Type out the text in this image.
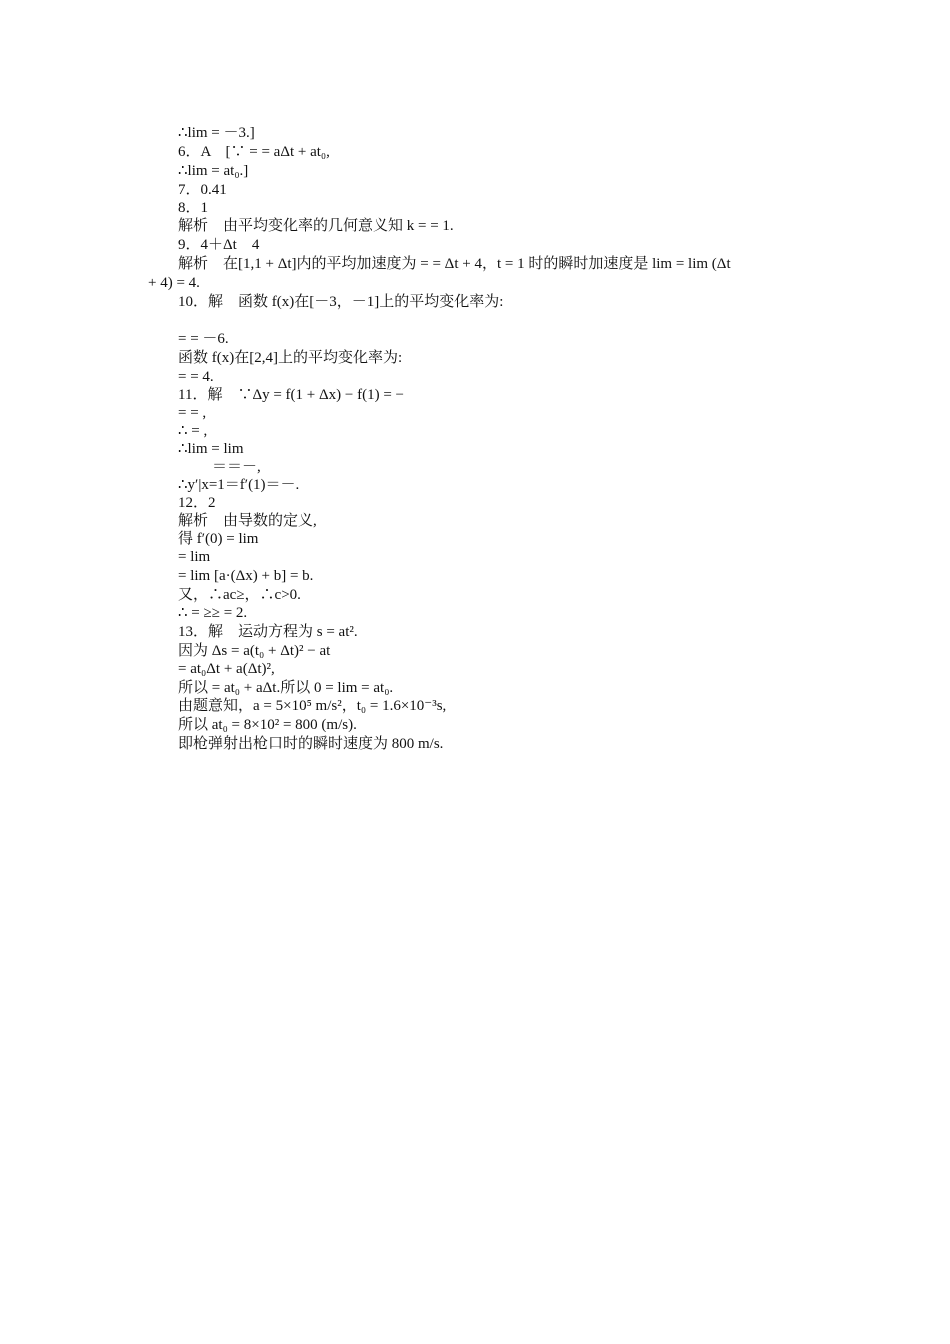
∴lim = －3.]
6．A　[∵ = = aΔt + at₀,
∴lim = at₀.]
7．0.41
8．1
解析　由平均变化率的几何意义知 k = = 1.
9．4＋Δt　4
解析　在[1,1 + Δt]内的平均加速度为 = = Δt + 4，t = 1 时的瞬时加速度是 lim = lim (Δt
+ 4) = 4.
10．解　函数 f(x)在[－3，－1]上的平均变化率为:
= = －6.
函数 f(x)在[2,4]上的平均变化率为:
= = 4.
11．解　∵Δy = f(1 + Δx) − f(1) = −
= = ,
∴ = ,
∴lim = lim
＝＝－,
∴y′|x=1＝f′(1)＝－.
12．2
解析　由导数的定义,
得 f′(0) = lim
= lim
= lim [a·(Δx) + b] = b.
又，∴ac≥，∴c>0.
∴ = ≥≥ = 2.
13．解　运动方程为 s = at².
因为 Δs = a(t₀ + Δt)² − at
= at₀Δt + a(Δt)²,
所以 = at₀ + aΔt.所以 0 = lim = at₀.
由题意知，a = 5×10⁵ m/s²，t₀ = 1.6×10⁻³s,
所以 at₀ = 8×10² = 800 (m/s).
即枪弹射出枪口时的瞬时速度为 800 m/s.
